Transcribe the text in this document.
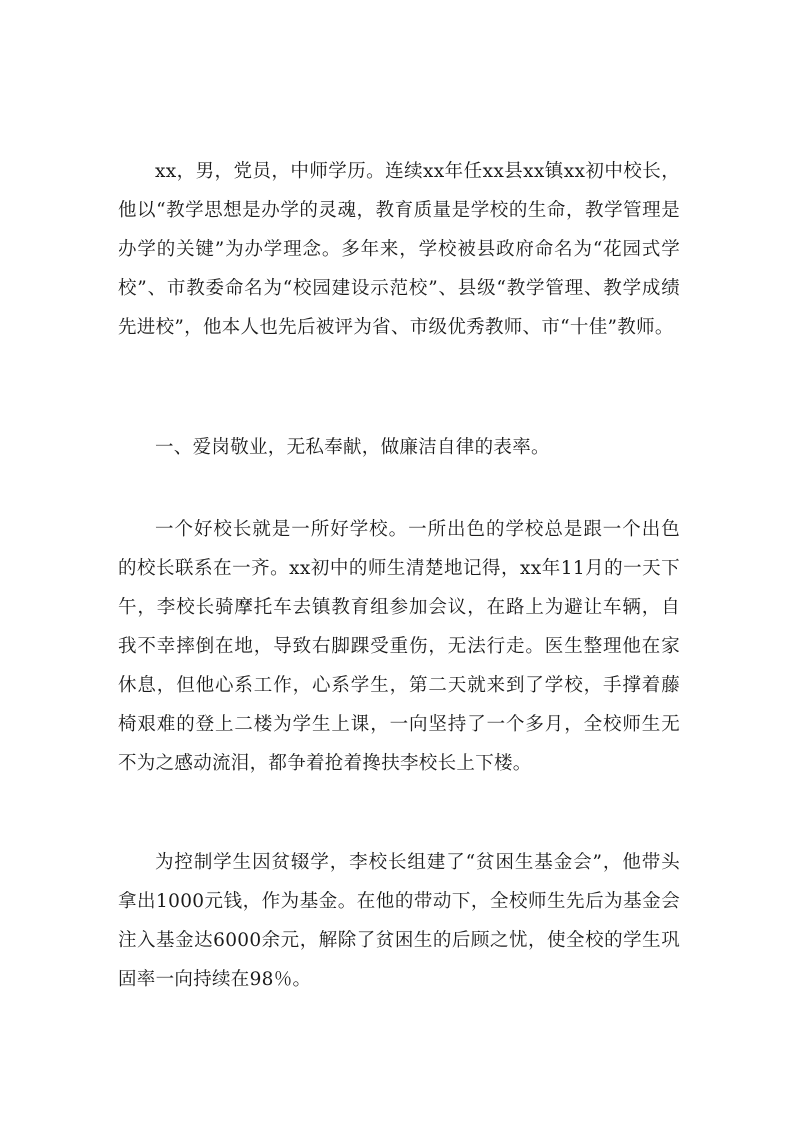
xx，男，党员，中师学历。连续xx年任xx县xx镇xx初中校长，他以“教学思想是办学的灵魂，教育质量是学校的生命，教学管理是办学的关键”为办学理念。多年来，学校被县政府命名为“花园式学校”、市教委命名为“校园建设示范校”、县级“教学管理、教学成绩先进校”，他本人也先后被评为省、市级优秀教师、市“十佳”教师。

一、爱岗敬业，无私奉献，做廉洁自律的表率。

一个好校长就是一所好学校。一所出色的学校总是跟一个出色的校长联系在一齐。xx初中的师生清楚地记得，xx年11月的一天下午，李校长骑摩托车去镇教育组参加会议，在路上为避让车辆，自我不幸摔倒在地，导致右脚踝受重伤，无法行走。医生整理他在家休息，但他心系工作，心系学生，第二天就来到了学校，手撑着藤椅艰难的登上二楼为学生上课，一向坚持了一个多月，全校师生无不为之感动流泪，都争着抢着搀扶李校长上下楼。

为控制学生因贫辍学，李校长组建了“贫困生基金会”，他带头拿出1000元钱，作为基金。在他的带动下，全校师生先后为基金会注入基金达6000余元，解除了贫困生的后顾之忧，使全校的学生巩固率一向持续在98％。
